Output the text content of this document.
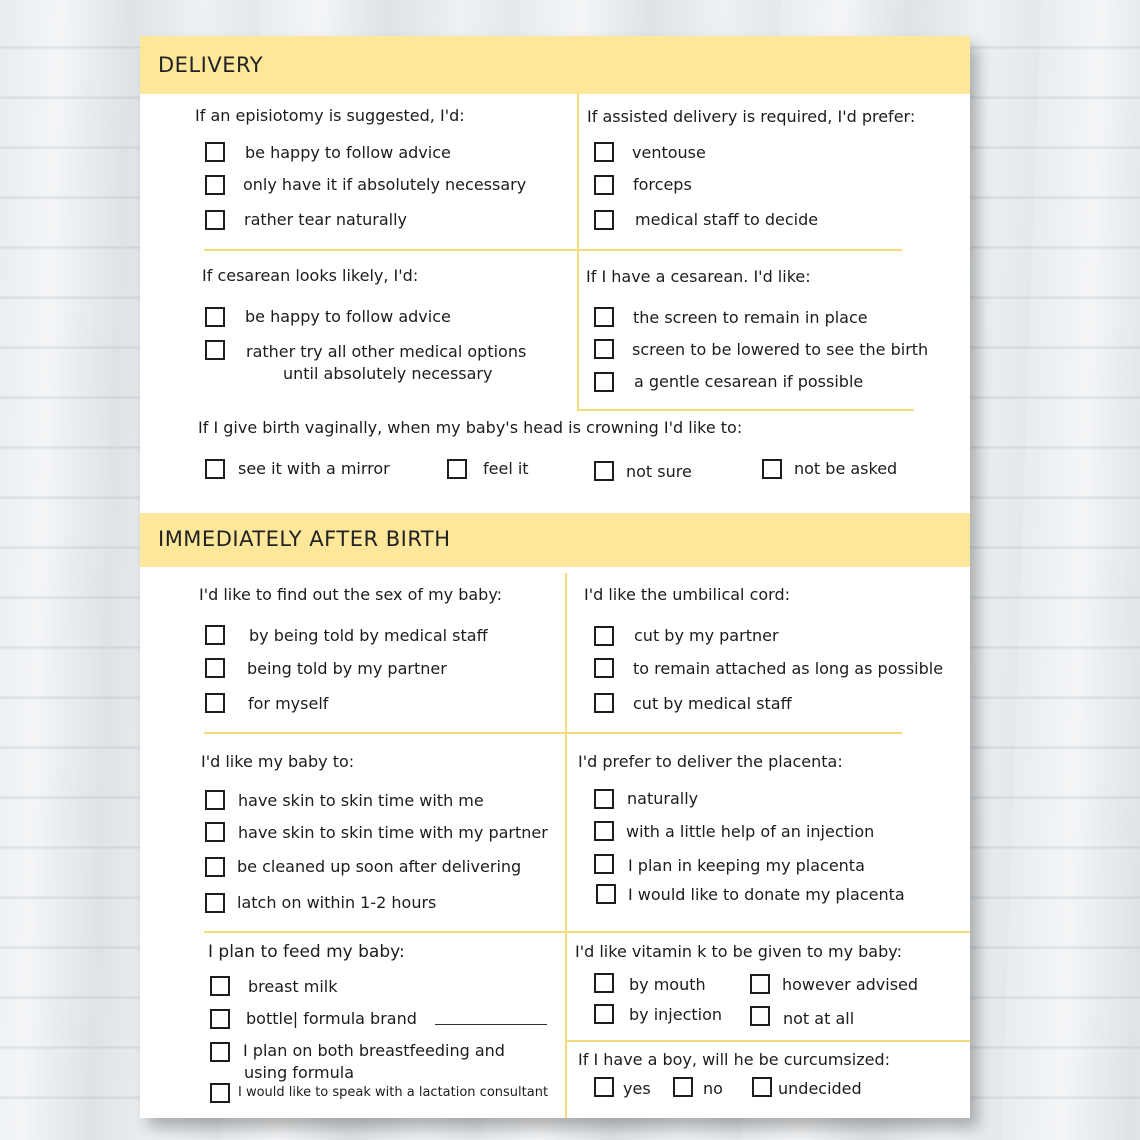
DELIVERY
If an episiotomy is suggested, I'd:
be happy to follow advice
only have it if absolutely necessary
rather tear naturally
If assisted delivery is required, I'd prefer:
ventouse
forceps
medical staff to decide
If cesarean looks likely, I'd:
be happy to follow advice
rather try all other medical options
until absolutely necessary
If I have a cesarean. I'd like:
the screen to remain in place
screen to be lowered to see the birth
a gentle cesarean if possible
If I give birth vaginally, when my baby's head is crowning I'd like to:
see it with a mirror	feel it	not sure	not be asked
IMMEDIATELY AFTER BIRTH
I'd like to find out the sex of my baby:
by being told by medical staff
being told by my partner
for myself
I'd like the umbilical cord:
cut by my partner
to remain attached as long as possible
cut by medical staff
I'd like my baby to:
have skin to skin time with me
have skin to skin time with my partner
be cleaned up soon after delivering
latch on within 1-2 hours
I'd prefer to deliver the placenta:
naturally
with a little help of an injection
I plan in keeping my placenta
I would like to donate my placenta
I plan to feed my baby:
breast milk
bottle| formula brand
I plan on both breastfeeding and
using formula
I would like to speak with a lactation consultant
I'd like vitamin k to be given to my baby:
by mouth	however advised
by injection	not at all
If I have a boy, will he be curcumsized:
yes	no	undecided
